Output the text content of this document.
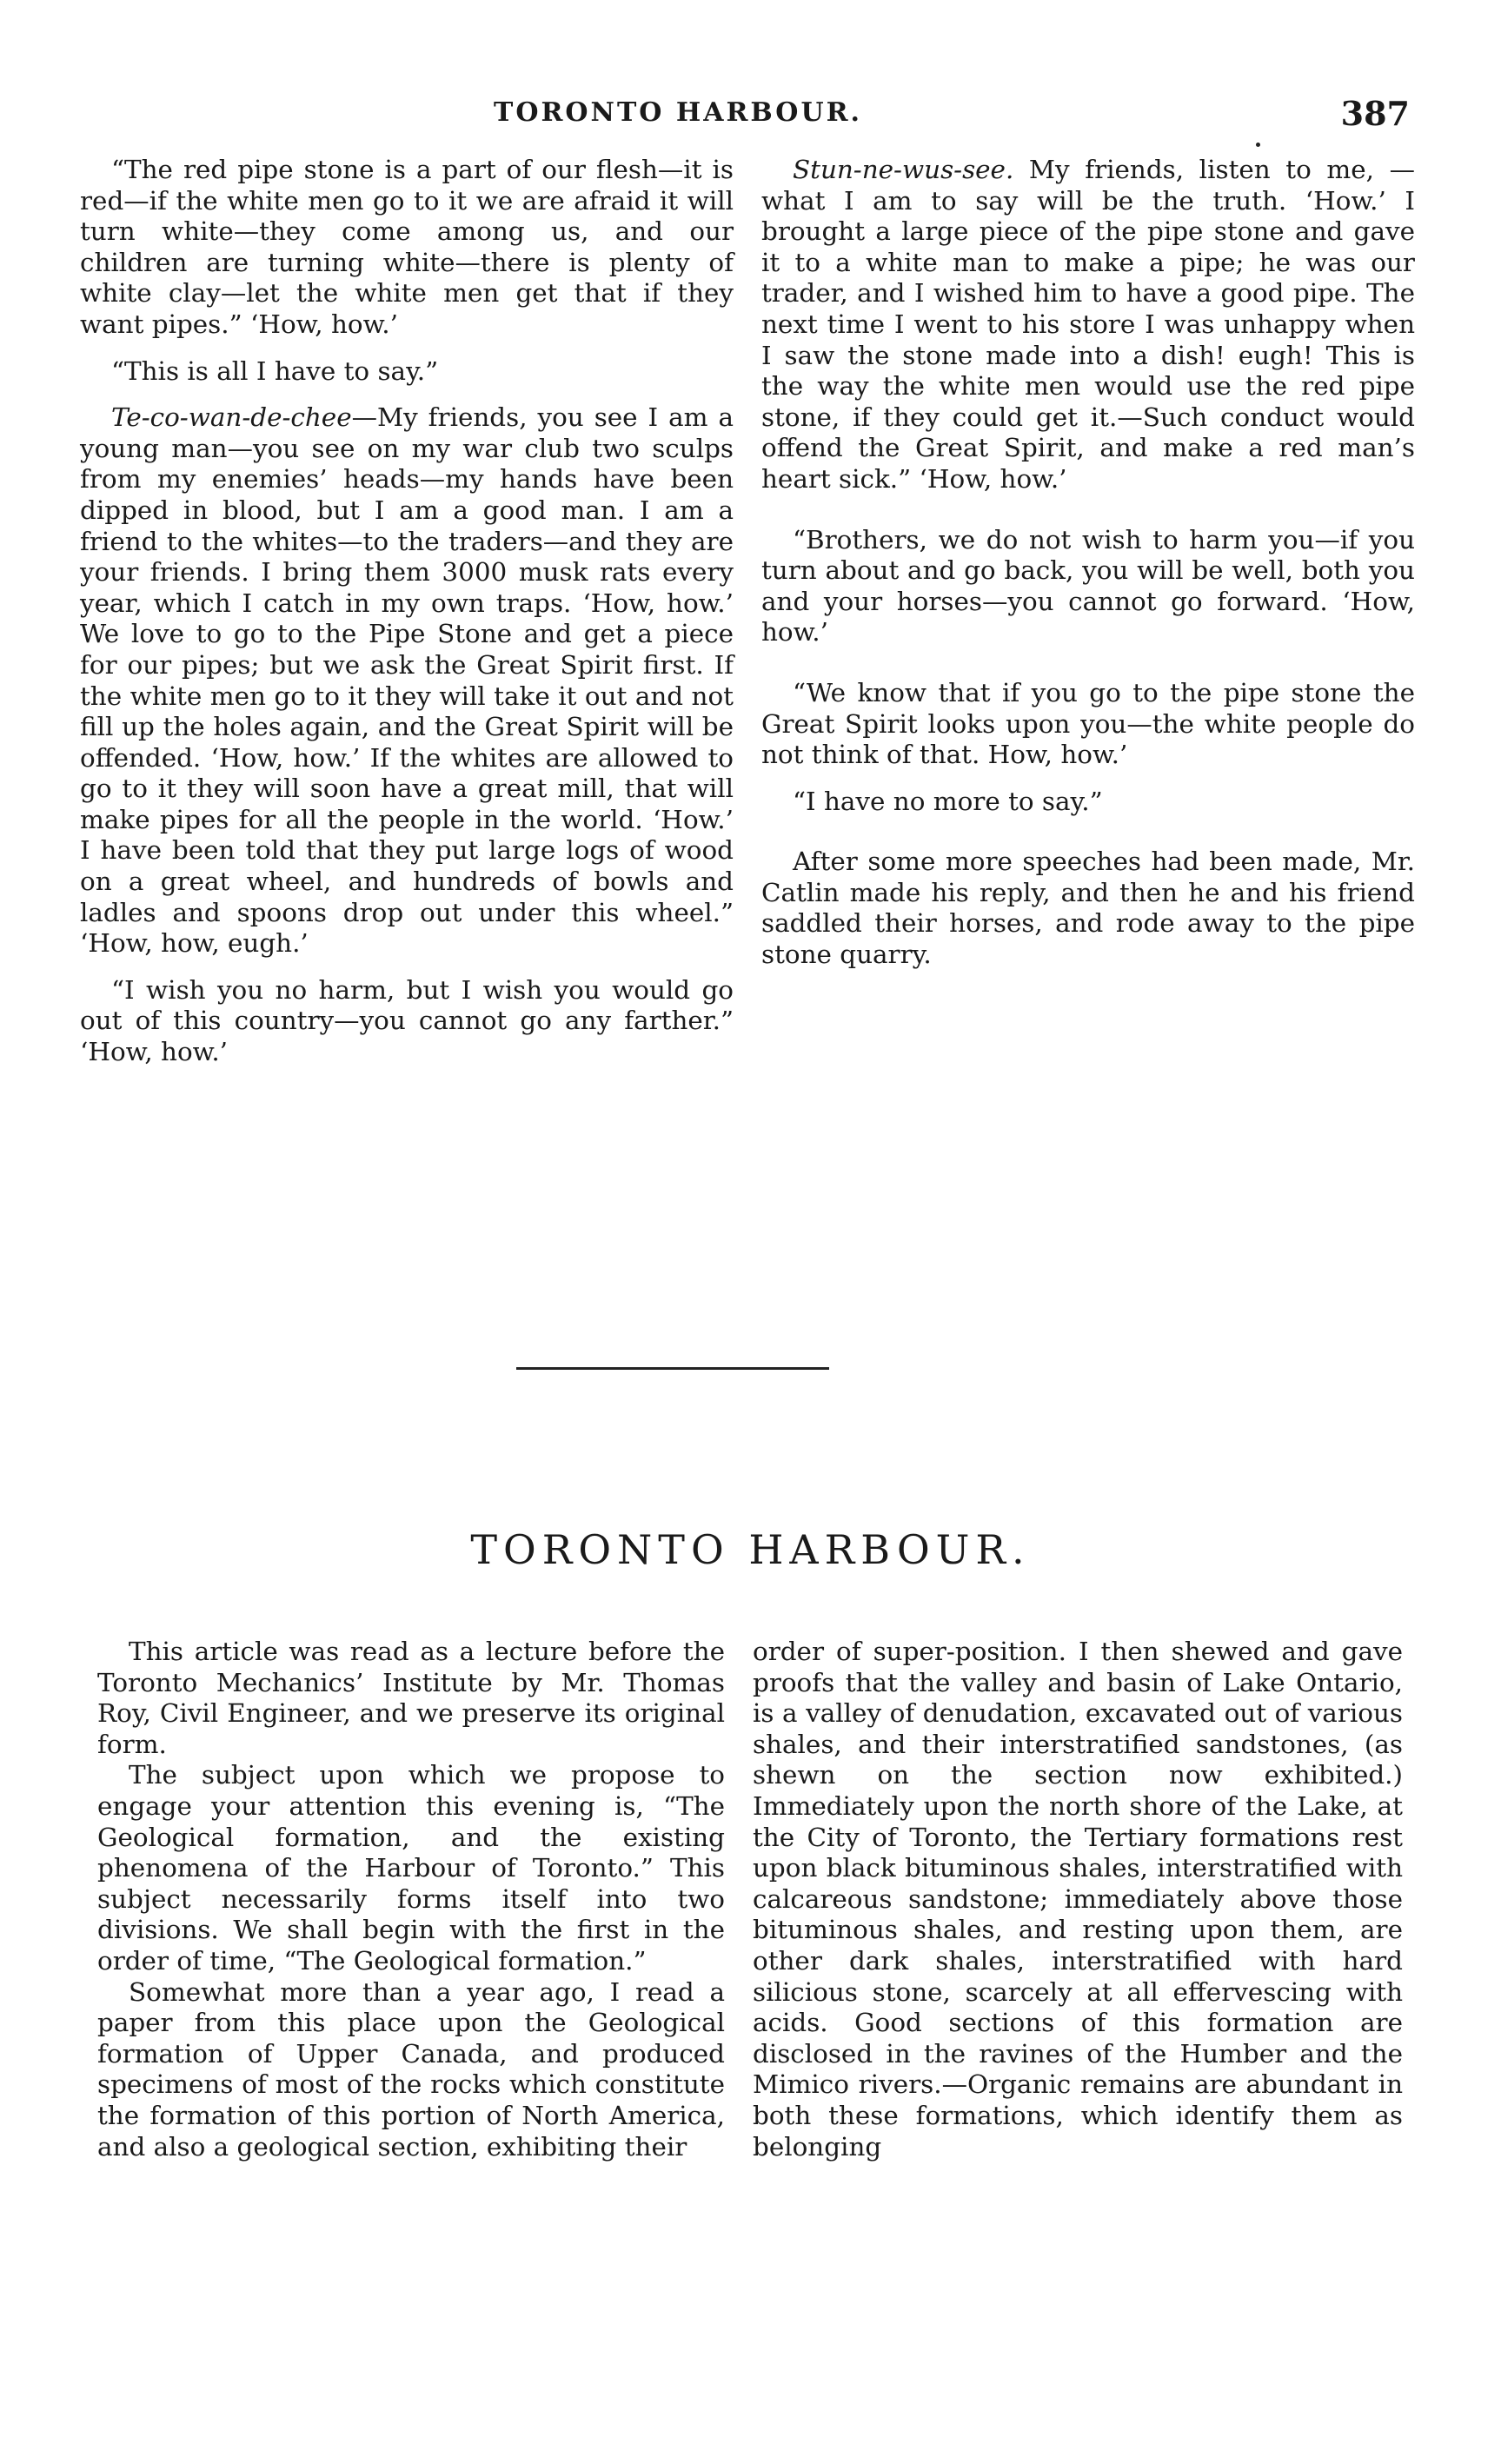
TORONTO HARBOUR.	387

“The red pipe stone is a part of our flesh—it is red—if the white men go to it we are afraid it will turn white—they come among us, and our children are turning white—there is plenty of white clay—let the white men get that if they want pipes.” ‘How, how.’

“This is all I have to say.”

Te-co-wan-de-chee—My friends, you see I am a young man—you see on my war club two sculps from my enemies’ heads—my hands have been dipped in blood, but I am a good man. I am a friend to the whites—to the traders—and they are your friends. I bring them 3000 musk rats every year, which I catch in my own traps. ‘How, how.’ We love to go to the Pipe Stone and get a piece for our pipes; but we ask the Great Spirit first. If the white men go to it they will take it out and not fill up the holes again, and the Great Spirit will be offended. ‘How, how.’ If the whites are allowed to go to it they will soon have a great mill, that will make pipes for all the people in the world. ‘How.’ I have been told that they put large logs of wood on a great wheel, and hundreds of bowls and ladles and spoons drop out under this wheel.” ‘How, how, eugh.’

“I wish you no harm, but I wish you would go out of this country—you cannot go any farther.” ‘How, how.’

Stun-ne-wus-see. My friends, listen to me, —what I am to say will be the truth. ‘How.’ I brought a large piece of the pipe stone and gave it to a white man to make a pipe; he was our trader, and I wished him to have a good pipe. The next time I went to his store I was unhappy when I saw the stone made into a dish! eugh! This is the way the white men would use the red pipe stone, if they could get it.—Such conduct would offend the Great Spirit, and make a red man’s heart sick.” ‘How, how.’

“Brothers, we do not wish to harm you—if you turn about and go back, you will be well, both you and your horses—you cannot go forward. ‘How, how.’

“We know that if you go to the pipe stone the Great Spirit looks upon you—the white people do not think of that. How, how.’

“I have no more to say.”

After some more speeches had been made, Mr. Catlin made his reply, and then he and his friend saddled their horses, and rode away to the pipe stone quarry.

TORONTO HARBOUR.

This article was read as a lecture before the Toronto Mechanics’ Institute by Mr. Thomas Roy, Civil Engineer, and we preserve its original form.

The subject upon which we propose to engage your attention this evening is, “The Geological formation, and the existing phenomena of the Harbour of Toronto.” This subject necessarily forms itself into two divisions. We shall begin with the first in the order of time, “The Geological formation.”

Somewhat more than a year ago, I read a paper from this place upon the Geological formation of Upper Canada, and produced specimens of most of the rocks which constitute the formation of this portion of North America, and also a geological section, exhibiting their

order of super-position. I then shewed and gave proofs that the valley and basin of Lake Ontario, is a valley of denudation, excavated out of various shales, and their interstratified sandstones, (as shewn on the section now exhibited.) Immediately upon the north shore of the Lake, at the City of Toronto, the Tertiary formations rest upon black bituminous shales, interstratified with calcareous sandstone; immediately above those bituminous shales, and resting upon them, are other dark shales, interstratified with hard silicious stone, scarcely at all effervescing with acids. Good sections of this formation are disclosed in the ravines of the Humber and the Mimico rivers.—Organic remains are abundant in both these formations, which identify them as belonging
